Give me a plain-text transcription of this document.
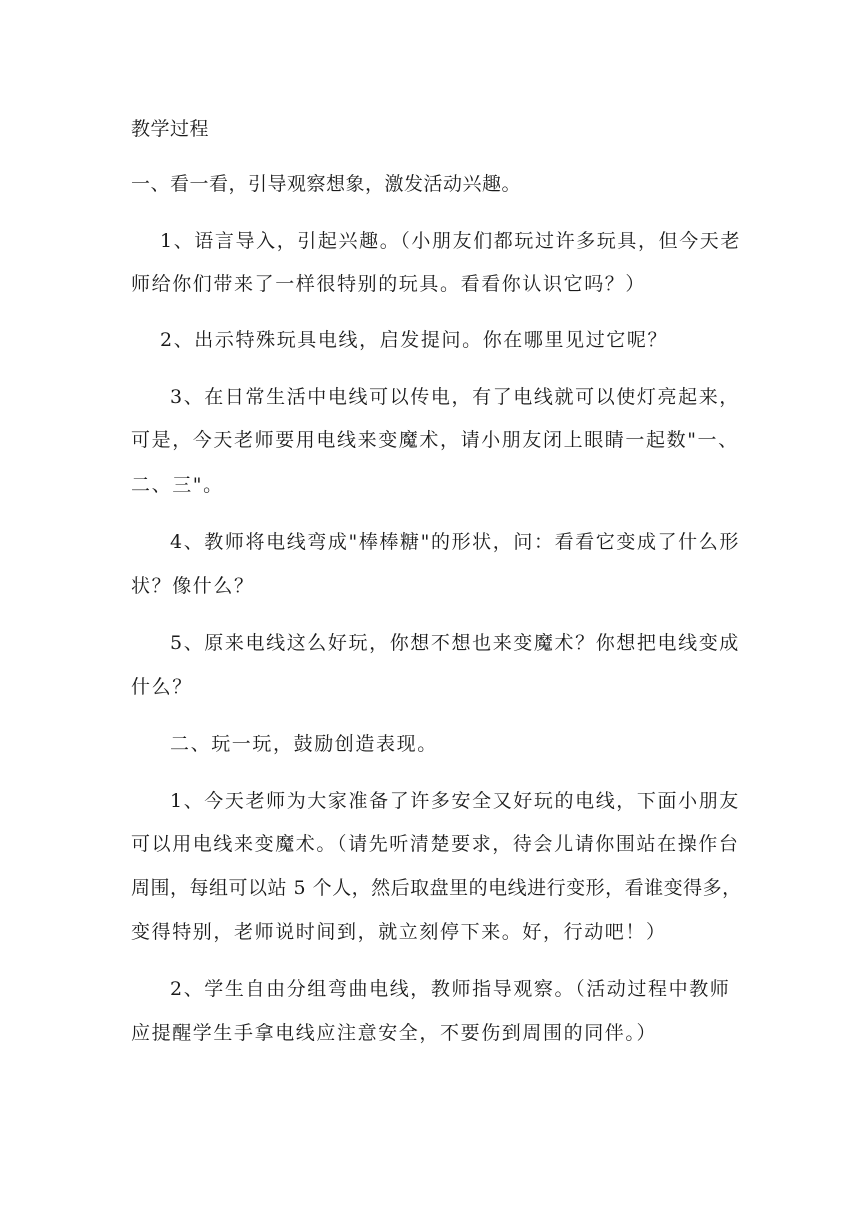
教学过程
一、看一看，引导观察想象，激发活动兴趣。
1、语言导入，引起兴趣。（小朋友们都玩过许多玩具，但今天老
师给你们带来了一样很特别的玩具。看看你认识它吗？）
2、出示特殊玩具电线，启发提问。你在哪里见过它呢？
3、在日常生活中电线可以传电，有了电线就可以使灯亮起来，
可是，今天老师要用电线来变魔术，请小朋友闭上眼睛一起数"一、
二、三"。
4、教师将电线弯成"棒棒糖"的形状，问：看看它变成了什么形
状？像什么？
5、原来电线这么好玩，你想不想也来变魔术？你想把电线变成
什么？
二、玩一玩，鼓励创造表现。
1、今天老师为大家准备了许多安全又好玩的电线，下面小朋友
可以用电线来变魔术。（请先听清楚要求，待会儿请你围站在操作台
周围，每组可以站 5 个人，然后取盘里的电线进行变形，看谁变得多，
变得特别，老师说时间到，就立刻停下来。好，行动吧！）
2、学生自由分组弯曲电线，教师指导观察。（活动过程中教师
应提醒学生手拿电线应注意安全，不要伤到周围的同伴。）
